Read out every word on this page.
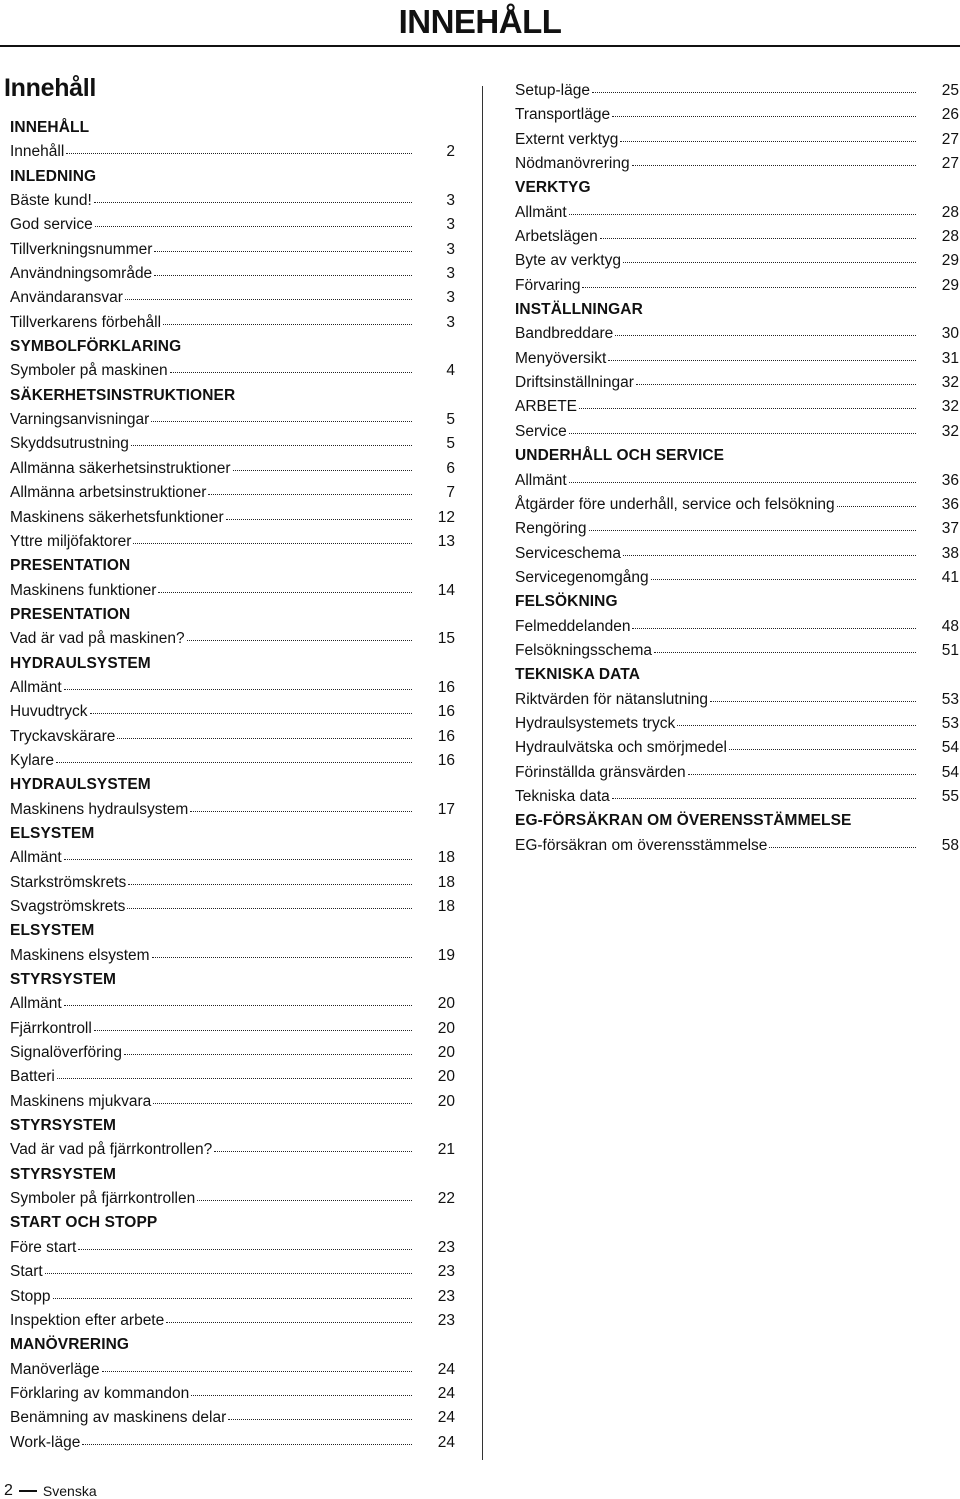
INNEHÅLL
Innehåll
INNEHÅLL
Innehåll	2
INLEDNING
Bäste kund!	3
God service	3
Tillverkningsnummer	3
Användningsområde	3
Användaransvar	3
Tillverkarens förbehåll	3
SYMBOLFÖRKLARING
Symboler på maskinen	4
SÄKERHETSINSTRUKTIONER
Varningsanvisningar	5
Skyddsutrustning	5
Allmänna säkerhetsinstruktioner	6
Allmänna arbetsinstruktioner	7
Maskinens säkerhetsfunktioner	12
Yttre miljöfaktorer	13
PRESENTATION
Maskinens funktioner	14
PRESENTATION
Vad är vad på maskinen?	15
HYDRAULSYSTEM
Allmänt	16
Huvudtryck	16
Tryckavskärare	16
Kylare	16
HYDRAULSYSTEM
Maskinens hydraulsystem	17
ELSYSTEM
Allmänt	18
Starkströmskrets	18
Svagströmskrets	18
ELSYSTEM
Maskinens elsystem	19
STYRSYSTEM
Allmänt	20
Fjärrkontroll	20
Signalöverföring	20
Batteri	20
Maskinens mjukvara	20
STYRSYSTEM
Vad är vad på fjärrkontrollen?	21
STYRSYSTEM
Symboler på fjärrkontrollen	22
START OCH STOPP
Före start	23
Start	23
Stopp	23
Inspektion efter arbete	23
MANÖVRERING
Manöverläge	24
Förklaring av kommandon	24
Benämning av maskinens delar	24
Work-läge	24
Setup-läge	25
Transportläge	26
Externt verktyg	27
Nödmanövrering	27
VERKTYG
Allmänt	28
Arbetslägen	28
Byte av verktyg	29
Förvaring	29
INSTÄLLNINGAR
Bandbreddare	30
Menyöversikt	31
Driftsinställningar	32
ARBETE	32
Service	32
UNDERHÅLL OCH SERVICE
Allmänt	36
Åtgärder före underhåll, service och felsökning	36
Rengöring	37
Serviceschema	38
Servicegenomgång	41
FELSÖKNING
Felmeddelanden	48
Felsökningsschema	51
TEKNISKA DATA
Riktvärden för nätanslutning	53
Hydraulsystemets tryck	53
Hydraulvätska och smörjmedel	54
Förinställda gränsvärden	54
Tekniska data	55
EG-FÖRSÄKRAN OM ÖVERENSSTÄMMELSE
EG-försäkran om överensstämmelse	58
2 Svenska
